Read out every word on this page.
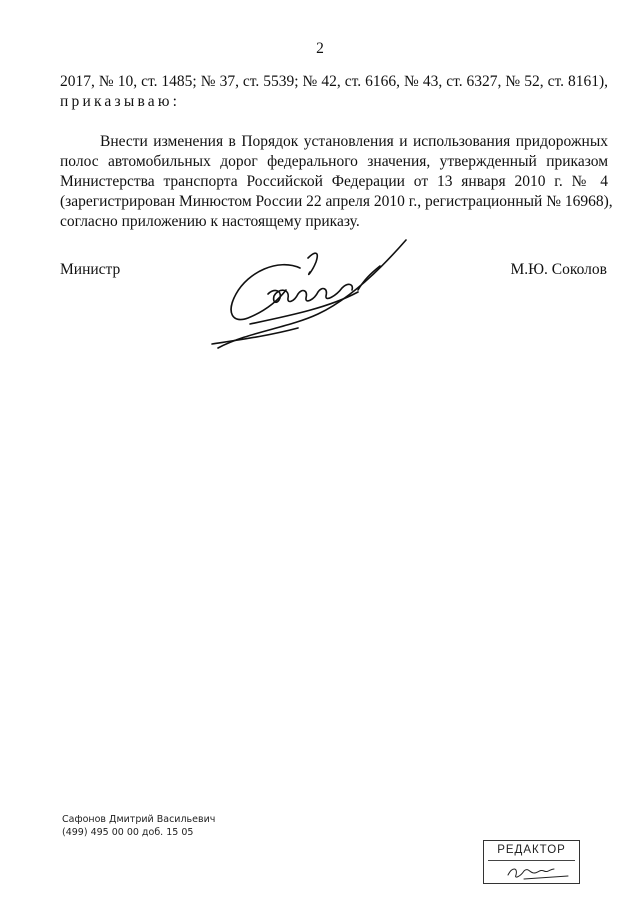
2
2017, № 10, ст. 1485; № 37, ст. 5539; № 42, ст. 6166, № 43, ст. 6327, № 52, ст. 8161),
приказываю:
Внести изменения в Порядок установления и использования придорожных
полос автомобильных дорог федерального значения, утвержденный приказом
Министерства транспорта Российской Федерации от 13 января 2010 г. № 4
(зарегистрирован Минюстом России 22 апреля 2010 г., регистрационный № 16968),
согласно приложению к настоящему приказу.
Министр	М.Ю. Соколов
Сафонов Дмитрий Васильевич
(499) 495 00 00 доб. 15 05
РЕДАКТОР
